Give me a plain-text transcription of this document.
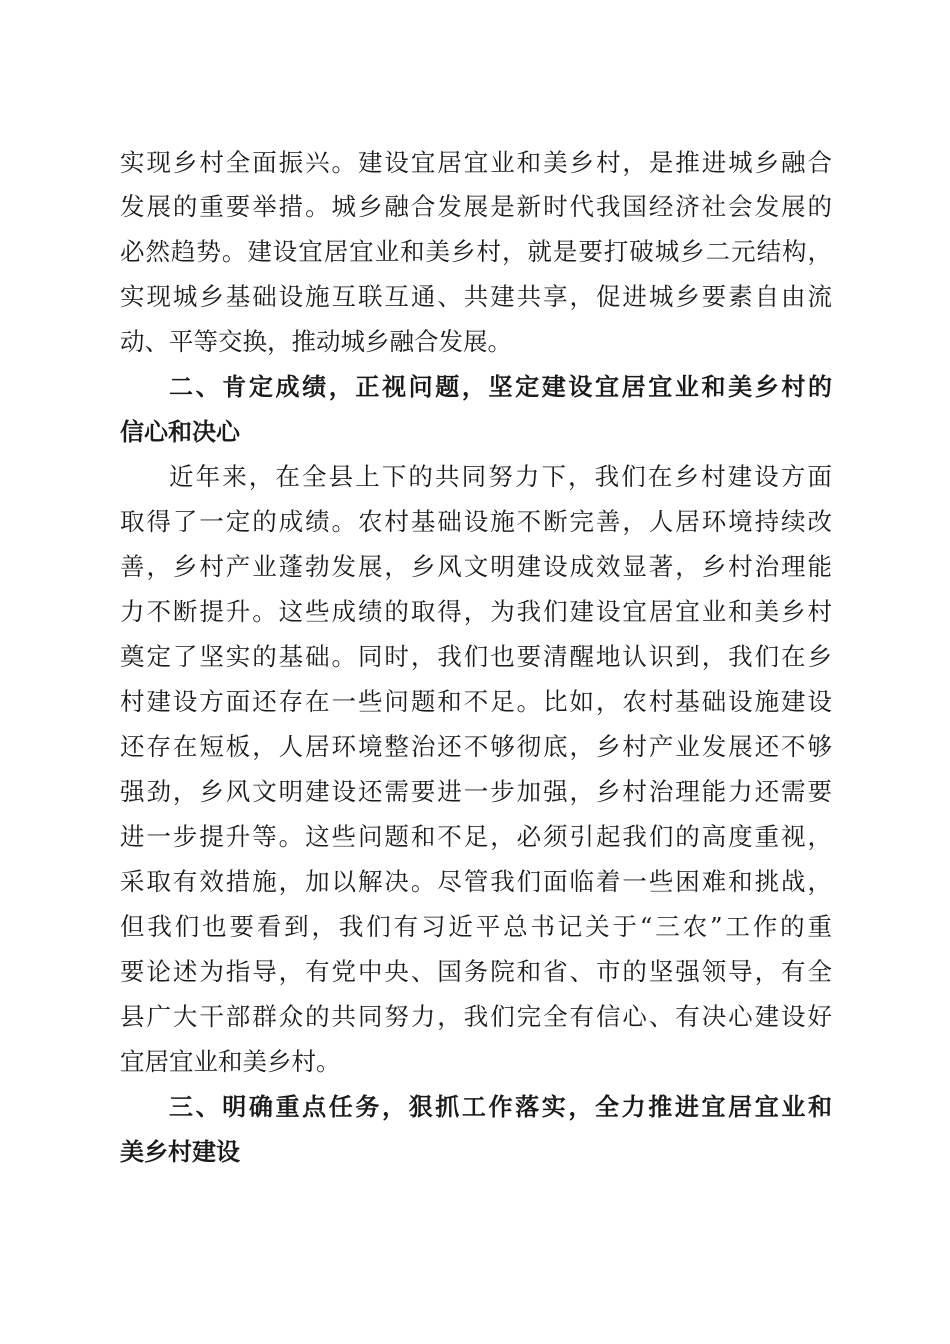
实现乡村全面振兴。建设宜居宜业和美乡村，是推进城乡融合

发展的重要举措。城乡融合发展是新时代我国经济社会发展的

必然趋势。建设宜居宜业和美乡村，就是要打破城乡二元结构，

实现城乡基础设施互联互通、共建共享，促进城乡要素自由流

动、平等交换，推动城乡融合发展。

二、肯定成绩，正视问题，坚定建设宜居宜业和美乡村的

信心和决心

近年来，在全县上下的共同努力下，我们在乡村建设方面

取得了一定的成绩。农村基础设施不断完善，人居环境持续改

善，乡村产业蓬勃发展，乡风文明建设成效显著，乡村治理能

力不断提升。这些成绩的取得，为我们建设宜居宜业和美乡村

奠定了坚实的基础。同时，我们也要清醒地认识到，我们在乡

村建设方面还存在一些问题和不足。比如，农村基础设施建设

还存在短板，人居环境整治还不够彻底，乡村产业发展还不够

强劲，乡风文明建设还需要进一步加强，乡村治理能力还需要

进一步提升等。这些问题和不足，必须引起我们的高度重视，

采取有效措施，加以解决。尽管我们面临着一些困难和挑战，

但我们也要看到，我们有习近平总书记关于“三农”工作的重

要论述为指导，有党中央、国务院和省、市的坚强领导，有全

县广大干部群众的共同努力，我们完全有信心、有决心建设好

宜居宜业和美乡村。

三、明确重点任务，狠抓工作落实，全力推进宜居宜业和

美乡村建设
